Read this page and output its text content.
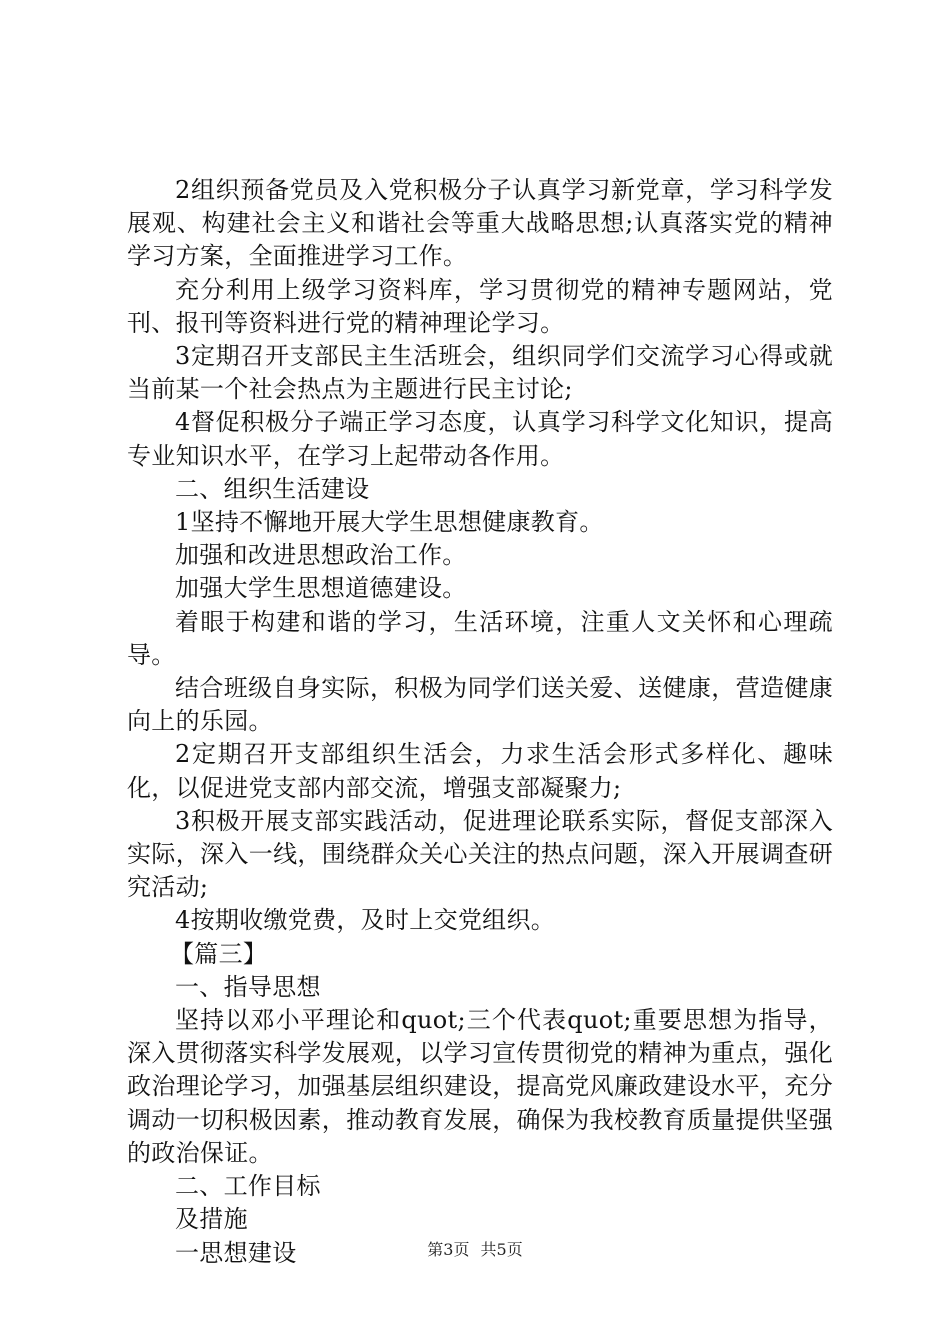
2组织预备党员及入党积极分子认真学习新党章，学习科学发展观、构建社会主义和谐社会等重大战略思想;认真落实党的精神学习方案，全面推进学习工作。

充分利用上级学习资料库，学习贯彻党的精神专题网站，党刊、报刊等资料进行党的精神理论学习。

3定期召开支部民主生活班会，组织同学们交流学习心得或就当前某一个社会热点为主题进行民主讨论;

4督促积极分子端正学习态度，认真学习科学文化知识，提高专业知识水平，在学习上起带动各作用。

二、组织生活建设

1坚持不懈地开展大学生思想健康教育。

加强和改进思想政治工作。

加强大学生思想道德建设。

着眼于构建和谐的学习，生活环境，注重人文关怀和心理疏导。

结合班级自身实际，积极为同学们送关爱、送健康，营造健康向上的乐园。

2定期召开支部组织生活会，力求生活会形式多样化、趣味化，以促进党支部内部交流，增强支部凝聚力;

3积极开展支部实践活动，促进理论联系实际，督促支部深入实际，深入一线，围绕群众关心关注的热点问题，深入开展调查研究活动;

4按期收缴党费，及时上交党组织。

【篇三】

一、指导思想

坚持以邓小平理论和quot;三个代表quot;重要思想为指导，深入贯彻落实科学发展观，以学习宣传贯彻党的精神为重点，强化政治理论学习，加强基层组织建设，提高党风廉政建设水平，充分调动一切积极因素，推动教育发展，确保为我校教育质量提供坚强的政治保证。

二、工作目标

及措施

一思想建设	第3页 共5页
